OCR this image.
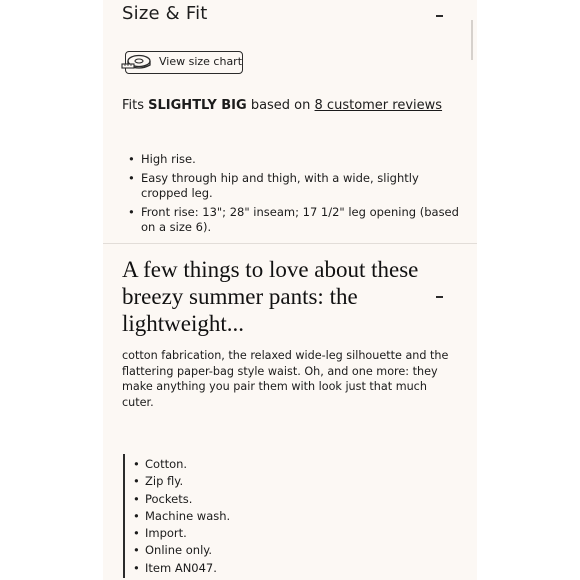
Size & Fit
View size chart
Fits SLIGHTLY BIG based on 8 customer reviews
• High rise.
• Easy through hip and thigh, with a wide, slightly cropped leg.
• Front rise: 13"; 28" inseam; 17 1/2" leg opening (based on a size 6).
A few things to love about these breezy summer pants: the lightweight...
cotton fabrication, the relaxed wide-leg silhouette and the flattering paper-bag style waist. Oh, and one more: they make anything you pair them with look just that much cuter.
• Cotton.
• Zip fly.
• Pockets.
• Machine wash.
• Import.
• Online only.
• Item AN047.
